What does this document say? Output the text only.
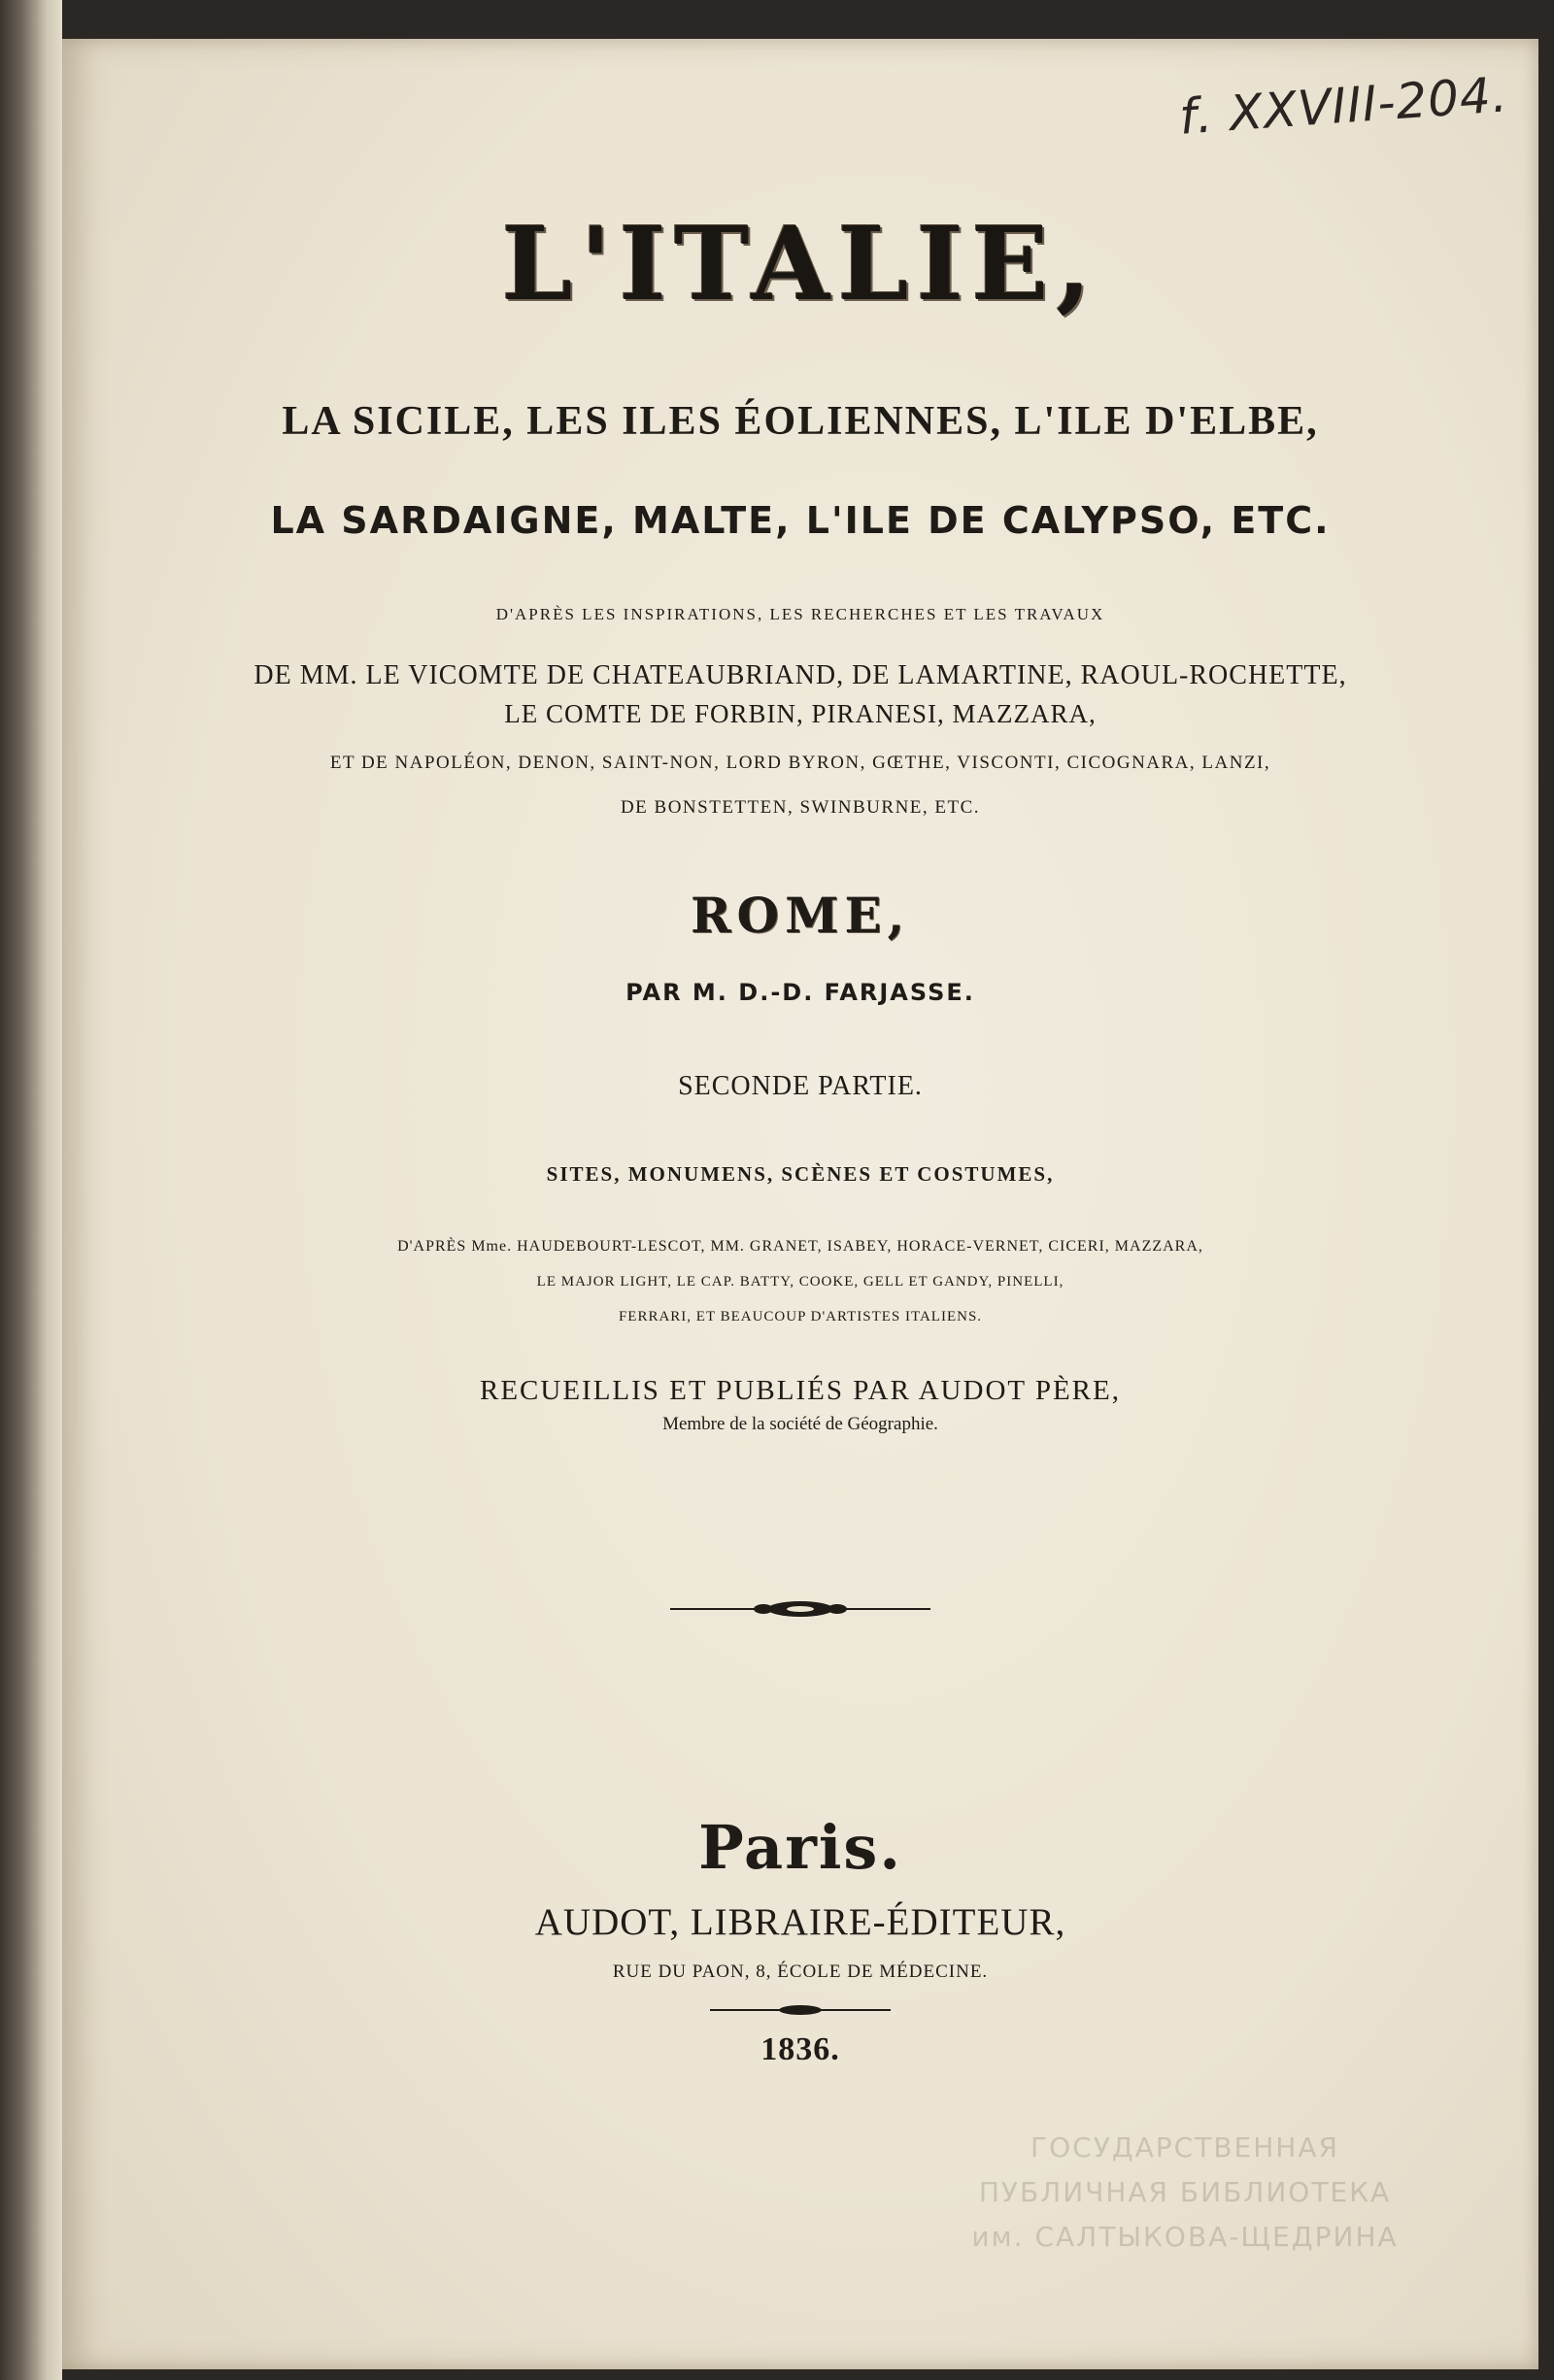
f. XXVIII-204.
L'ITALIE,
LA SICILE, LES ILES ÉOLIENNES, L'ILE D'ELBE,
LA SARDAIGNE, MALTE, L'ILE DE CALYPSO, ETC.
D'APRÈS LES INSPIRATIONS, LES RECHERCHES ET LES TRAVAUX
DE MM. LE VICOMTE DE CHATEAUBRIAND, DE LAMARTINE, RAOUL-ROCHETTE,
LE COMTE DE FORBIN, PIRANESI, MAZZARA,
ET DE NAPOLÉON, DENON, SAINT-NON, LORD BYRON, GŒTHE, VISCONTI, CICOGNARA, LANZI,
DE BONSTETTEN, SWINBURNE, ETC.
ROME,
PAR M. D.-D. FARJASSE.
SECONDE PARTIE.
SITES, MONUMENS, SCÈNES ET COSTUMES,
D'APRÈS Mme. HAUDEBOURT-LESCOT, MM. GRANET, ISABEY, HORACE-VERNET, CICERI, MAZZARA,
LE MAJOR LIGHT, LE CAP. BATTY, COOKE, GELL ET GANDY, PINELLI,
FERRARI, ET BEAUCOUP D'ARTISTES ITALIENS.
RECUEILLIS ET PUBLIÉS PAR AUDOT PÈRE,
Membre de la société de Géographie.
Paris.
AUDOT, LIBRAIRE-ÉDITEUR,
RUE DU PAON, 8, ÉCOLE DE MÉDECINE.
1836.
ГОСУДАРСТВЕННАЯ
ПУБЛИЧНАЯ БИБЛИОТЕКА
им. САЛТЫКОВА-ЩЕДРИНА
